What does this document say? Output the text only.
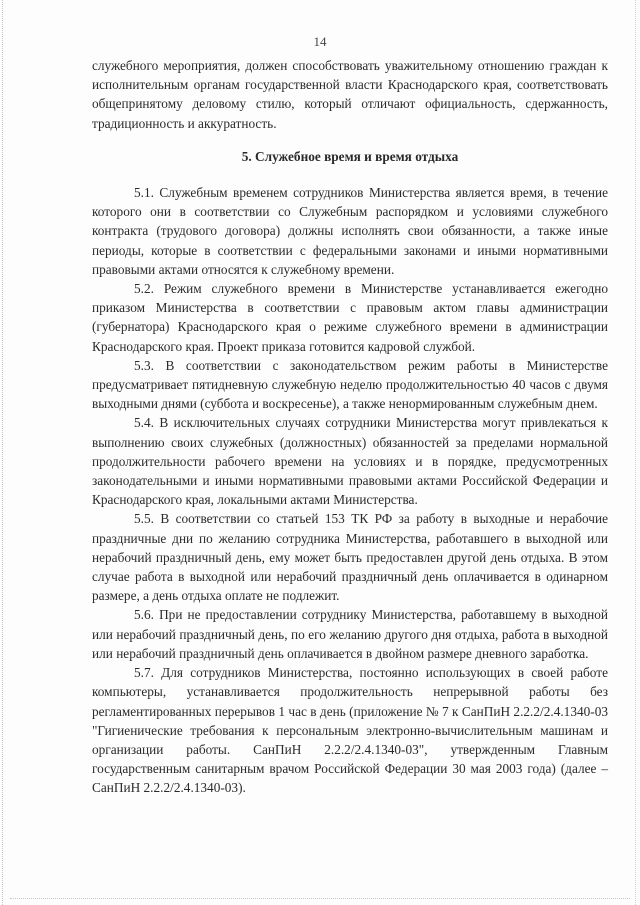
14

служебного мероприятия, должен способствовать уважительному отношению граждан к исполнительным органам государственной власти Краснодарского края, соответствовать общепринятому деловому стилю, который отличают официальность, сдержанность, традиционность и аккуратность.

5. Служебное время и время отдыха

5.1. Служебным временем сотрудников Министерства является время, в течение которого они в соответствии со Служебным распорядком и условиями служебного контракта (трудового договора) должны исполнять свои обязанности, а также иные периоды, которые в соответствии с федеральными законами и иными нормативными правовыми актами относятся к служебному времени.

5.2. Режим служебного времени в Министерстве устанавливается ежегодно приказом Министерства в соответствии с правовым актом главы администрации (губернатора) Краснодарского края о режиме служебного времени в администрации Краснодарского края. Проект приказа готовится кадровой службой.

5.3. В соответствии с законодательством режим работы в Министерстве предусматривает пятидневную служебную неделю продолжительностью 40 часов с двумя выходными днями (суббота и воскресенье), а также ненормированным служебным днем.

5.4. В исключительных случаях сотрудники Министерства могут привлекаться к выполнению своих служебных (должностных) обязанностей за пределами нормальной продолжительности рабочего времени на условиях и в порядке, предусмотренных законодательными и иными нормативными правовыми актами Российской Федерации и Краснодарского края, локальными актами Министерства.

5.5. В соответствии со статьей 153 ТК РФ за работу в выходные и нерабочие праздничные дни по желанию сотрудника Министерства, работавшего в выходной или нерабочий праздничный день, ему может быть предоставлен другой день отдыха. В этом случае работа в выходной или нерабочий праздничный день оплачивается в одинарном размере, а день отдыха оплате не подлежит.

5.6. При не предоставлении сотруднику Министерства, работавшему в выходной или нерабочий праздничный день, по его желанию другого дня отдыха, работа в выходной или нерабочий праздничный день оплачивается в двойном размере дневного заработка.

5.7. Для сотрудников Министерства, постоянно использующих в своей работе компьютеры, устанавливается продолжительность непрерывной работы без регламентированных перерывов 1 час в день (приложение № 7 к СанПиН 2.2.2/2.4.1340-03 "Гигиенические требования к персональным электронно-вычислительным машинам и организации работы. СанПиН 2.2.2/2.4.1340-03", утвержденным Главным государственным санитарным врачом Российской Федерации 30 мая 2003 года) (далее – СанПиН 2.2.2/2.4.1340-03).
